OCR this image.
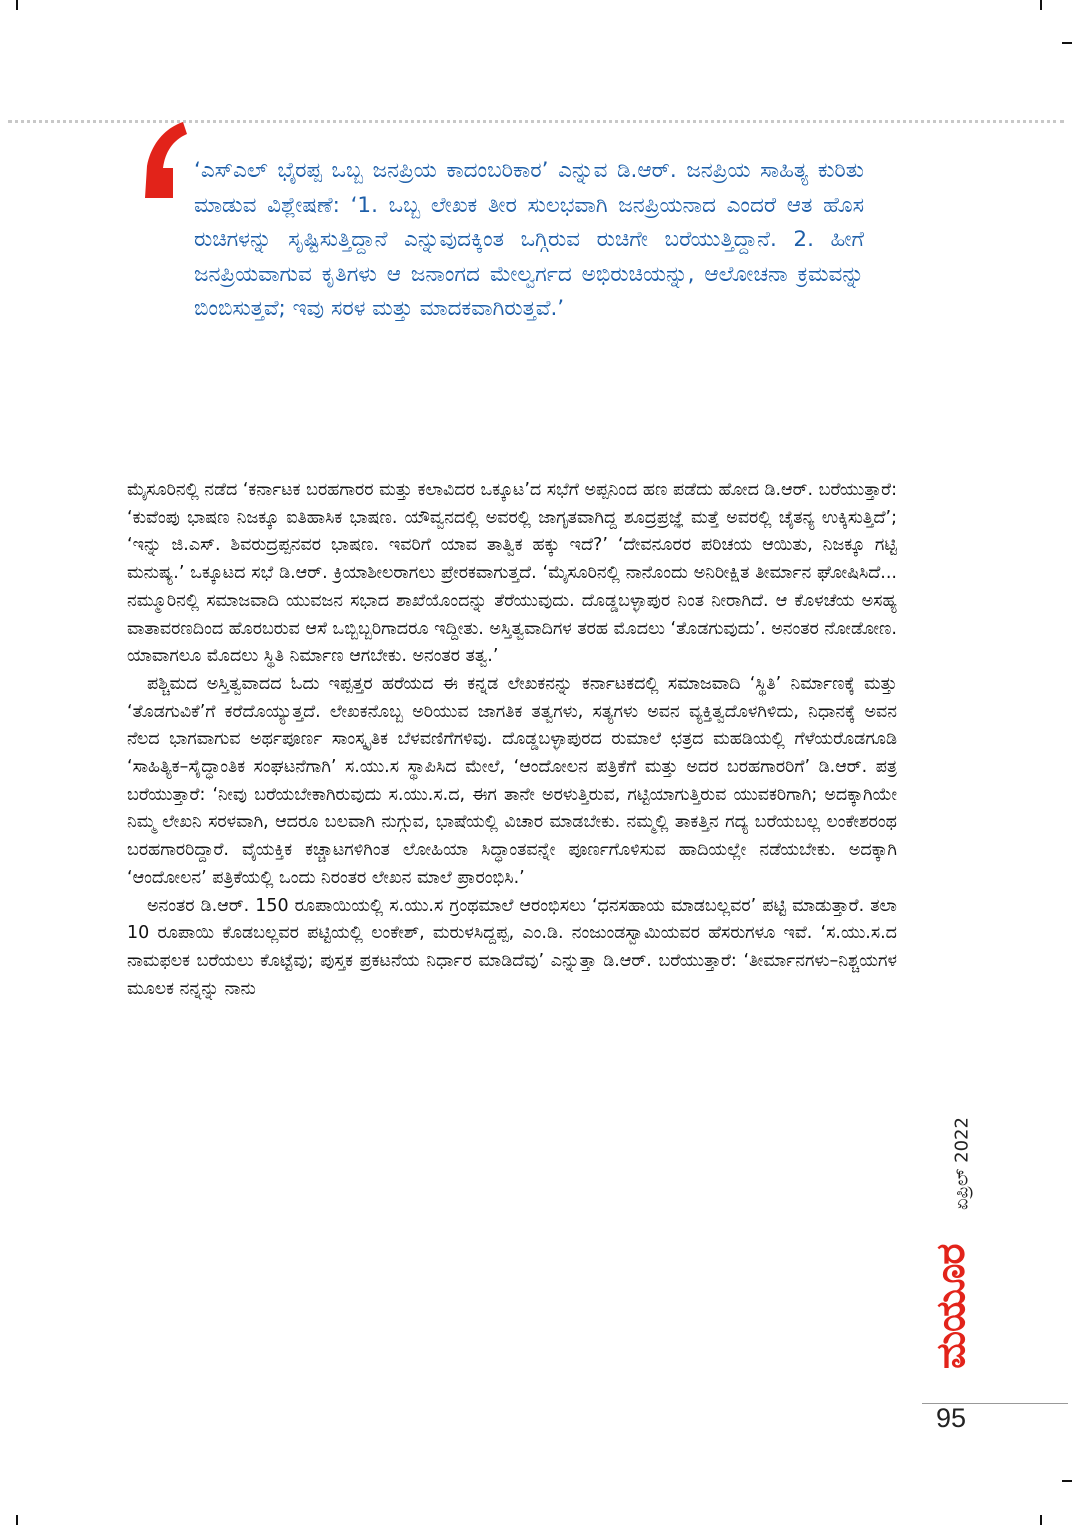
‘ಎಸ್‌ಎಲ್‌ ಭೈರಪ್ಪ ಒಬ್ಬ ಜನಪ್ರಿಯ ಕಾದಂಬರಿಕಾರ’ ಎನ್ನುವ ಡಿ.ಆರ್‌. ಜನಪ್ರಿಯ ಸಾಹಿತ್ಯ ಕುರಿತು ಮಾಡುವ ವಿಶ್ಲೇಷಣೆ: ‘1. ಒಬ್ಬ ಲೇಖಕ ತೀರ ಸುಲಭವಾಗಿ ಜನಪ್ರಿಯನಾದ ಎಂದರೆ ಆತ ಹೊಸ ರುಚಿಗಳನ್ನು ಸೃಷ್ಟಿಸುತ್ತಿದ್ದಾನೆ ಎನ್ನುವುದಕ್ಕಿಂತ ಒಗ್ಗಿರುವ ರುಚಿಗೇ ಬರೆಯುತ್ತಿದ್ದಾನೆ. 2. ಹೀಗೆ ಜನಪ್ರಿಯವಾಗುವ ಕೃತಿಗಳು ಆ ಜನಾಂಗದ ಮೇಲ್ವರ್ಗದ ಅಭಿರುಚಿಯನ್ನು, ಆಲೋಚನಾ ಕ್ರಮವನ್ನು ಬಿಂಬಿಸುತ್ತವೆ; ಇವು ಸರಳ ಮತ್ತು ಮಾದಕವಾಗಿರುತ್ತವೆ.’

ಮೈಸೂರಿನಲ್ಲಿ ನಡೆದ ‘ಕರ್ನಾಟಕ ಬರಹಗಾರರ ಮತ್ತು ಕಲಾವಿದರ ಒಕ್ಕೂಟ’ದ ಸಭೆಗೆ ಅಪ್ಪನಿಂದ ಹಣ ಪಡೆದು ಹೋದ ಡಿ.ಆರ್‌. ಬರೆಯುತ್ತಾರೆ: ‘ಕುವೆಂಪು ಭಾಷಣ ನಿಜಕ್ಕೂ ಐತಿಹಾಸಿಕ ಭಾಷಣ. ಯೌವ್ವನದಲ್ಲಿ ಅವರಲ್ಲಿ ಜಾಗೃತವಾಗಿದ್ದ ಶೂದ್ರಪ್ರಜ್ಞೆ ಮತ್ತೆ ಅವರಲ್ಲಿ ಚೈತನ್ಯ ಉಕ್ಕಿಸುತ್ತಿದೆ’; ‘ಇನ್ನು ಜಿ.ಎಸ್‌. ಶಿವರುದ್ರಪ್ಪನವರ ಭಾಷಣ. ಇವರಿಗೆ ಯಾವ ತಾತ್ವಿಕ ಹಕ್ಕು ಇದೆ?’ ‘ದೇವನೂರರ ಪರಿಚಯ ಆಯಿತು, ನಿಜಕ್ಕೂ ಗಟ್ಟಿ ಮನುಷ್ಯ.’ ಒಕ್ಕೂಟದ ಸಭೆ ಡಿ.ಆರ್‌. ಕ್ರಿಯಾಶೀಲರಾಗಲು ಪ್ರೇರಕವಾಗುತ್ತದೆ. ‘ಮೈಸೂರಿನಲ್ಲಿ ನಾನೊಂದು ಅನಿರೀಕ್ಷಿತ ತೀರ್ಮಾನ ಘೋಷಿಸಿದೆ... ನಮ್ಮೂರಿನಲ್ಲಿ ಸಮಾಜವಾದಿ ಯುವಜನ ಸಭಾದ ಶಾಖೆಯೊಂದನ್ನು ತೆರೆಯುವುದು. ದೊಡ್ಡಬಳ್ಳಾಪುರ ನಿಂತ ನೀರಾಗಿದೆ. ಆ ಕೊಳಚೆಯ ಅಸಹ್ಯ ವಾತಾವರಣದಿಂದ ಹೊರಬರುವ ಆಸೆ ಒಬ್ಬಿಬ್ಬರಿಗಾದರೂ ಇದ್ದೀತು. ಅಸ್ತಿತ್ವವಾದಿಗಳ ತರಹ ಮೊದಲು ‘ತೊಡಗುವುದು’. ಅನಂತರ ನೋಡೋಣ. ಯಾವಾಗಲೂ ಮೊದಲು ಸ್ಥಿತಿ ನಿರ್ಮಾಣ ಆಗಬೇಕು. ಅನಂತರ ತತ್ವ.’

ಪಶ್ಚಿಮದ ಅಸ್ತಿತ್ವವಾದದ ಓದು ಇಪ್ಪತ್ತರ ಹರೆಯದ ಈ ಕನ್ನಡ ಲೇಖಕನನ್ನು ಕರ್ನಾಟಕದಲ್ಲಿ ಸಮಾಜವಾದಿ ‘ಸ್ಥಿತಿ’ ನಿರ್ಮಾಣಕ್ಕೆ ಮತ್ತು ‘ತೊಡಗುವಿಕೆ’ಗೆ ಕರೆದೊಯ್ಯುತ್ತದೆ. ಲೇಖಕನೊಬ್ಬ ಅರಿಯುವ ಜಾಗತಿಕ ತತ್ವಗಳು, ಸತ್ಯಗಳು ಅವನ ವ್ಯಕ್ತಿತ್ವದೊಳಗಿಳಿದು, ನಿಧಾನಕ್ಕೆ ಅವನ ನೆಲದ ಭಾಗವಾಗುವ ಅರ್ಥಪೂರ್ಣ ಸಾಂಸ್ಕೃತಿಕ ಬೆಳವಣಿಗೆಗಳಿವು. ದೊಡ್ಡಬಳ್ಳಾಪುರದ ರುಮಾಲೆ ಛತ್ರದ ಮಹಡಿಯಲ್ಲಿ ಗೆಳೆಯರೊಡಗೂಡಿ ‘ಸಾಹಿತ್ಯಿಕ–ಸೈದ್ಧಾಂತಿಕ ಸಂಘಟನೆಗಾಗಿ’ ಸ.ಯು.ಸ ಸ್ಥಾಪಿಸಿದ ಮೇಲೆ, ‘ಆಂದೋಲನ ಪತ್ರಿಕೆಗೆ ಮತ್ತು ಅದರ ಬರಹಗಾರರಿಗೆ’ ಡಿ.ಆರ್‌. ಪತ್ರ ಬರೆಯುತ್ತಾರೆ: ‘ನೀವು ಬರೆಯಬೇಕಾಗಿರುವುದು ಸ.ಯು.ಸ.ದ, ಈಗ ತಾನೇ ಅರಳುತ್ತಿರುವ, ಗಟ್ಟಿಯಾಗುತ್ತಿರುವ ಯುವಕರಿಗಾಗಿ; ಅದಕ್ಕಾಗಿಯೇ ನಿಮ್ಮ ಲೇಖನಿ ಸರಳವಾಗಿ, ಆದರೂ ಬಲವಾಗಿ ನುಗ್ಗುವ, ಭಾಷೆಯಲ್ಲಿ ವಿಚಾರ ಮಾಡಬೇಕು. ನಮ್ಮಲ್ಲಿ ತಾಕತ್ತಿನ ಗದ್ಯ ಬರೆಯಬಲ್ಲ ಲಂಕೇಶರಂಥ ಬರಹಗಾರರಿದ್ದಾರೆ. ವೈಯಕ್ತಿಕ ಕಚ್ಚಾಟಗಳಿಗಿಂತ ಲೋಹಿಯಾ ಸಿದ್ಧಾಂತವನ್ನೇ ಪೂರ್ಣಗೊಳಿಸುವ ಹಾದಿಯಲ್ಲೇ ನಡೆಯಬೇಕು. ಅದಕ್ಕಾಗಿ ‘ಆಂದೋಲನ’ ಪತ್ರಿಕೆಯಲ್ಲಿ ಒಂದು ನಿರಂತರ ಲೇಖನ ಮಾಲೆ ಪ್ರಾರಂಭಿಸಿ.’

ಅನಂತರ ಡಿ.ಆರ್‌. 150 ರೂಪಾಯಿಯಲ್ಲಿ ಸ.ಯು.ಸ ಗ್ರಂಥಮಾಲೆ ಆರಂಭಿಸಲು ‘ಧನಸಹಾಯ ಮಾಡಬಲ್ಲವರ’ ಪಟ್ಟಿ ಮಾಡುತ್ತಾರೆ. ತಲಾ 10 ರೂಪಾಯಿ ಕೊಡಬಲ್ಲವರ ಪಟ್ಟಿಯಲ್ಲಿ ಲಂಕೇಶ್‌, ಮರುಳಸಿದ್ದಪ್ಪ, ಎಂ.ಡಿ. ನಂಜುಂಡಸ್ವಾಮಿಯವರ ಹೆಸರುಗಳೂ ಇವೆ. ‘ಸ.ಯು.ಸ.ದ ನಾಮಫಲಕ ಬರೆಯಲು ಕೊಟ್ಟೆವು; ಪುಸ್ತಕ ಪ್ರಕಟನೆಯ ನಿರ್ಧಾರ ಮಾಡಿದೆವು’ ಎನ್ನುತ್ತಾ ಡಿ.ಆರ್‌. ಬರೆಯುತ್ತಾರೆ: ‘ತೀರ್ಮಾನಗಳು–ನಿಶ್ಚಯಗಳ ಮೂಲಕ ನನ್ನನ್ನು ನಾನು

ಏಪ್ರಿಲ್‌ 2022
ಮಯೂರ
95
